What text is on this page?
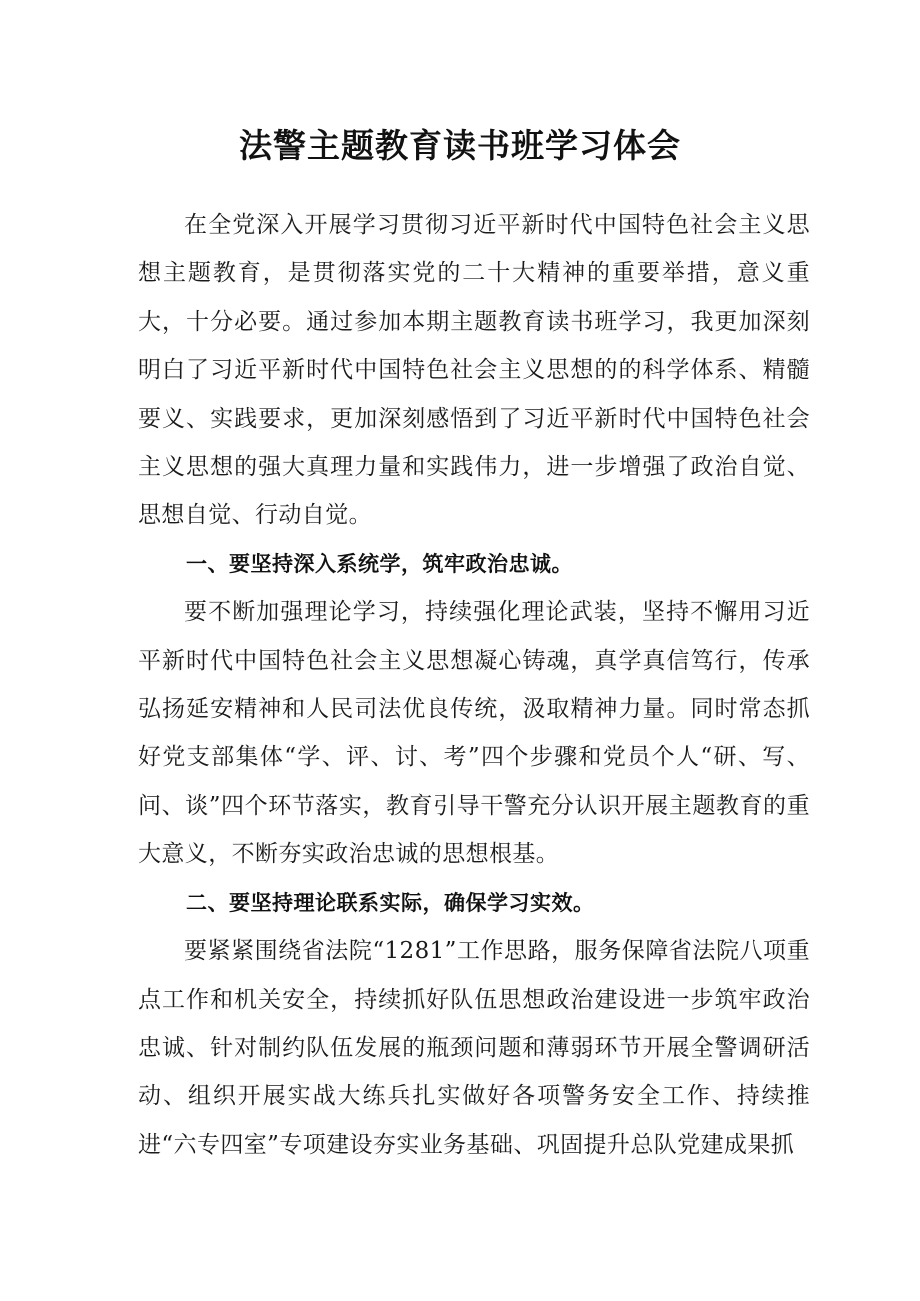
法警主题教育读书班学习体会

在全党深入开展学习贯彻习近平新时代中国特色社会主义思想主题教育，是贯彻落实党的二十大精神的重要举措，意义重大，十分必要。通过参加本期主题教育读书班学习，我更加深刻明白了习近平新时代中国特色社会主义思想的的科学体系、精髓要义、实践要求，更加深刻感悟到了习近平新时代中国特色社会主义思想的强大真理力量和实践伟力，进一步增强了政治自觉、思想自觉、行动自觉。

一、要坚持深入系统学，筑牢政治忠诚。

要不断加强理论学习，持续强化理论武装，坚持不懈用习近平新时代中国特色社会主义思想凝心铸魂，真学真信笃行，传承弘扬延安精神和人民司法优良传统，汲取精神力量。同时常态抓好党支部集体“学、评、讨、考”四个步骤和党员个人“研、写、问、谈”四个环节落实，教育引导干警充分认识开展主题教育的重大意义，不断夯实政治忠诚的思想根基。

二、要坚持理论联系实际，确保学习实效。

要紧紧围绕省法院“1281”工作思路，服务保障省法院八项重点工作和机关安全，持续抓好队伍思想政治建设进一步筑牢政治忠诚、针对制约队伍发展的瓶颈问题和薄弱环节开展全警调研活动、组织开展实战大练兵扎实做好各项警务安全工作、持续推进“六专四室”专项建设夯实业务基础、巩固提升总队党建成果抓
